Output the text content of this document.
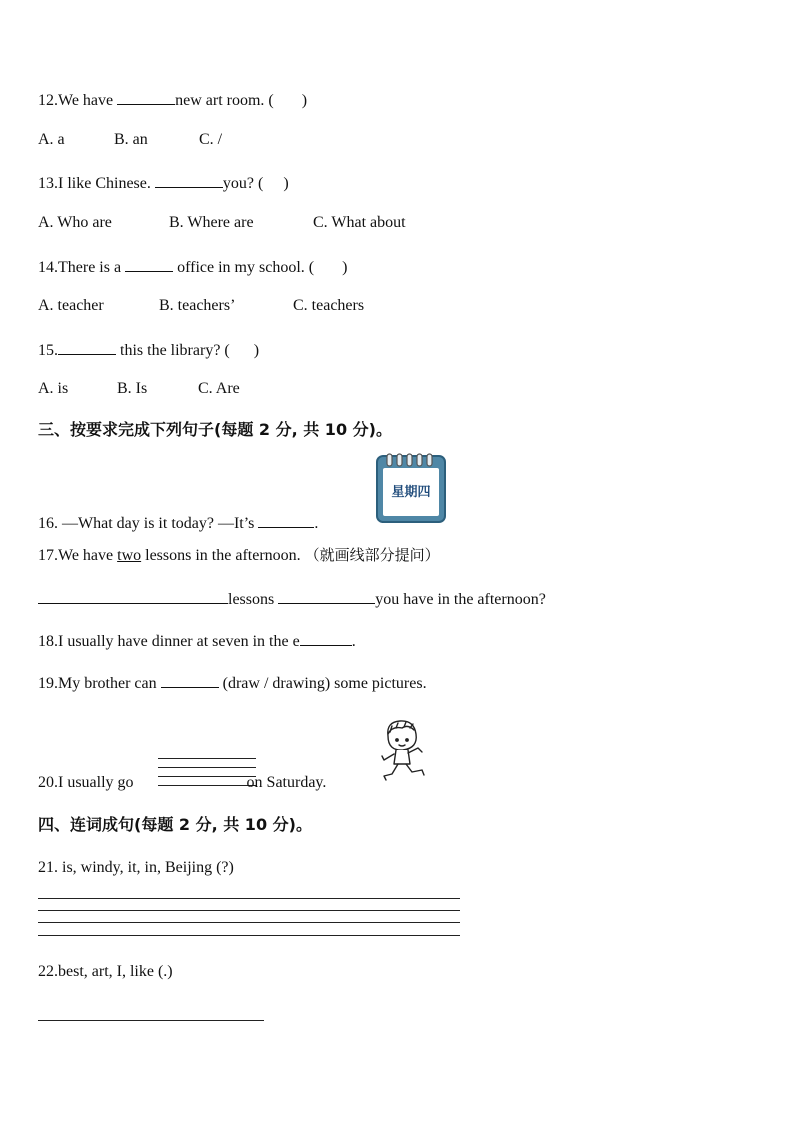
12.We have	new art room. ( )
A. a	B. an	C. /
13.I like Chinese.	you? ( )
A. Who are	B. Where are	C. What about
14.There is a	office in my school. ( )
A. teacher	B. teachers’	C. teachers
15.	this the library? ( )
A. is	B. Is	C. Are
三、按要求完成下列句子(每题 2 分, 共 10 分)。
星期四
16. —What day is it today? —It’s	.
17.We have two lessons in the afternoon. （就画线部分提问）
lessons	you have in the afternoon?
18.I usually have dinner at seven in the e	.
19.My brother can	(draw / drawing) some pictures.
20.I usually go	on Saturday.
四、连词成句(每题 2 分, 共 10 分)。
21. is, windy, it, in, Beijing (?)
22.best, art, I, like (.)
